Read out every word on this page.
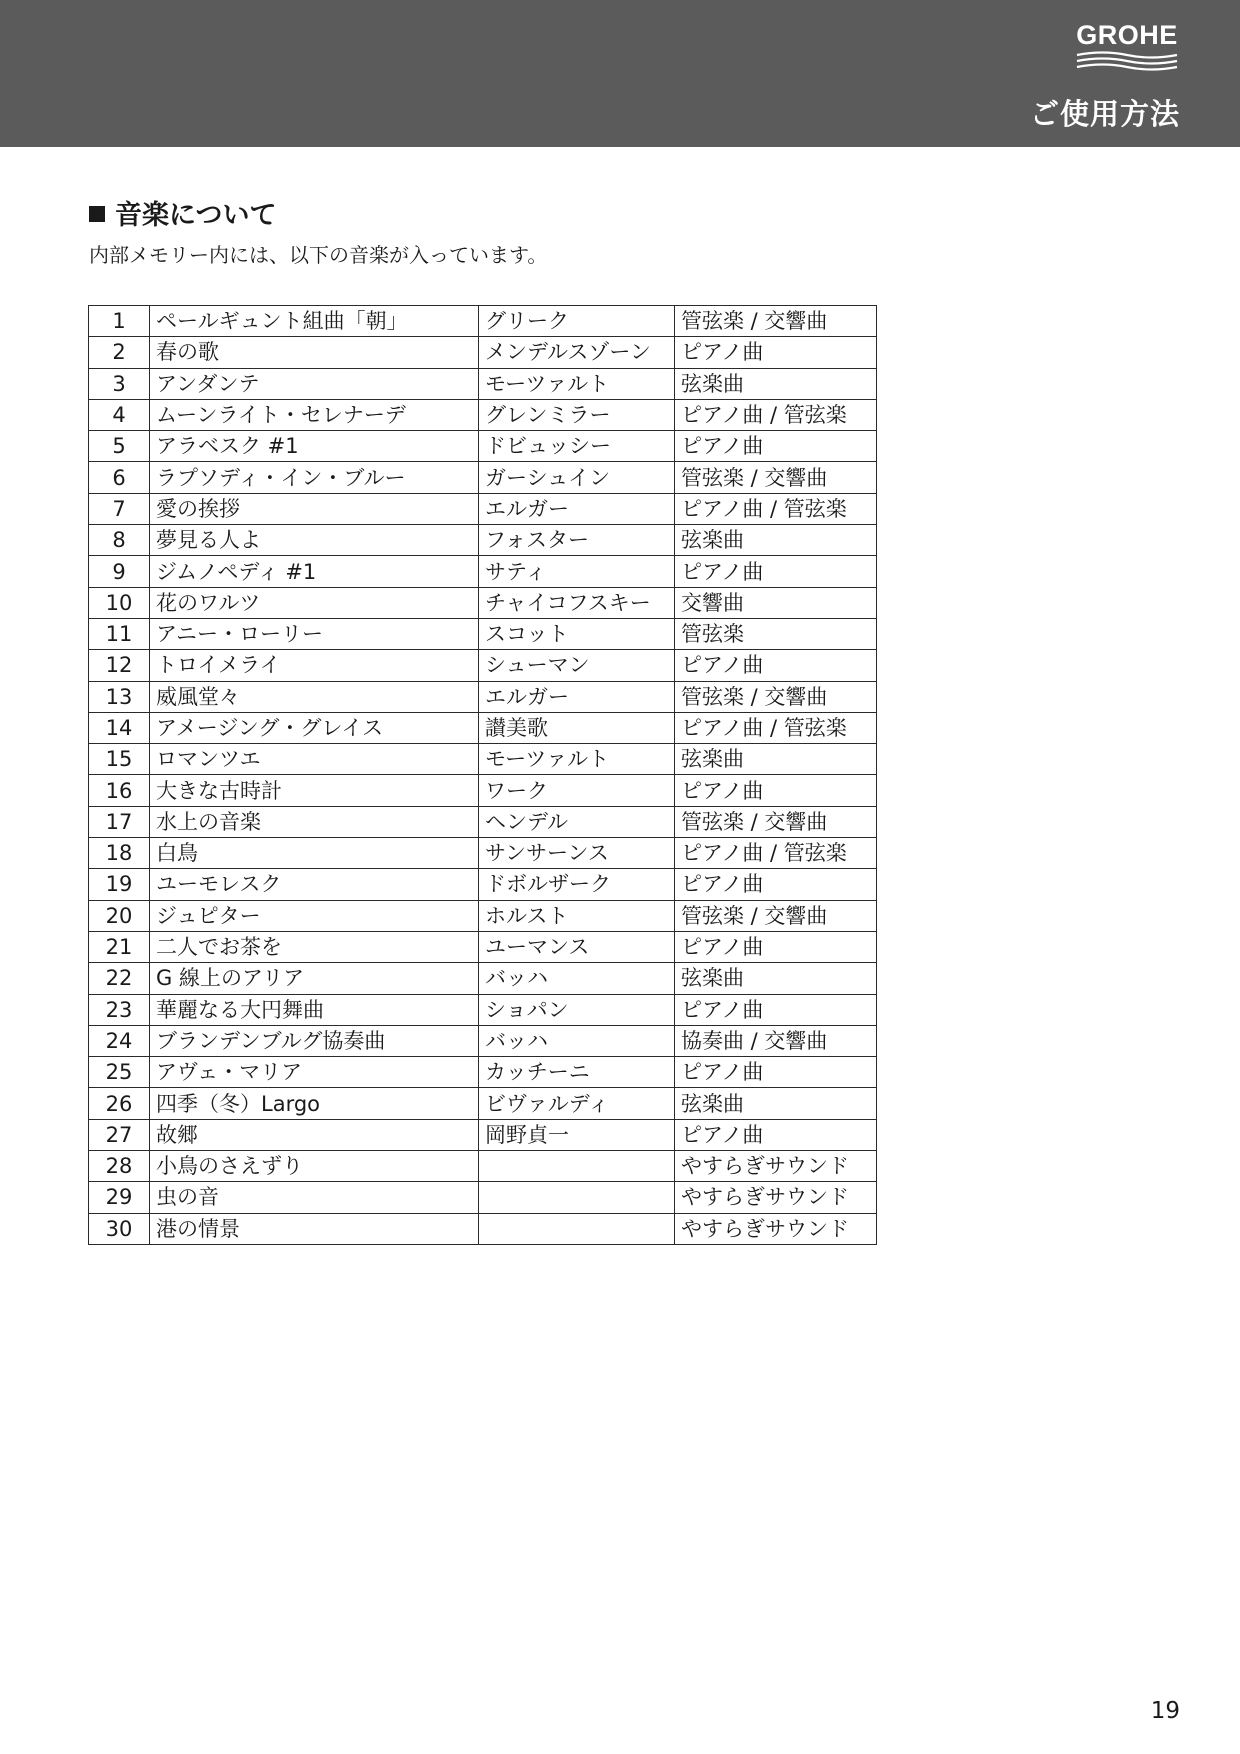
GROHE
ご使用方法
音楽について

内部メモリー内には、以下の音楽が入っています。

1	ペールギュント組曲「朝」	グリーク	管弦楽 / 交響曲
2	春の歌	メンデルスゾーン	ピアノ曲
3	アンダンテ	モーツァルト	弦楽曲
4	ムーンライト・セレナーデ	グレンミラー	ピアノ曲 / 管弦楽
5	アラベスク #1	ドビュッシー	ピアノ曲
6	ラプソディ・イン・ブルー	ガーシュイン	管弦楽 / 交響曲
7	愛の挨拶	エルガー	ピアノ曲 / 管弦楽
8	夢見る人よ	フォスター	弦楽曲
9	ジムノペディ #1	サティ	ピアノ曲
10	花のワルツ	チャイコフスキー	交響曲
11	アニー・ローリー	スコット	管弦楽
12	トロイメライ	シューマン	ピアノ曲
13	威風堂々	エルガー	管弦楽 / 交響曲
14	アメージング・グレイス	讃美歌	ピアノ曲 / 管弦楽
15	ロマンツエ	モーツァルト	弦楽曲
16	大きな古時計	ワーク	ピアノ曲
17	水上の音楽	ヘンデル	管弦楽 / 交響曲
18	白鳥	サンサーンス	ピアノ曲 / 管弦楽
19	ユーモレスク	ドボルザーク	ピアノ曲
20	ジュピター	ホルスト	管弦楽 / 交響曲
21	二人でお茶を	ユーマンス	ピアノ曲
22	G 線上のアリア	バッハ	弦楽曲
23	華麗なる大円舞曲	ショパン	ピアノ曲
24	ブランデンブルグ協奏曲	バッハ	協奏曲 / 交響曲
25	アヴェ・マリア	カッチーニ	ピアノ曲
26	四季（冬）Largo	ビヴァルディ	弦楽曲
27	故郷	岡野貞一	ピアノ曲
28	小鳥のさえずり		やすらぎサウンド
29	虫の音		やすらぎサウンド
30	港の情景		やすらぎサウンド
19
